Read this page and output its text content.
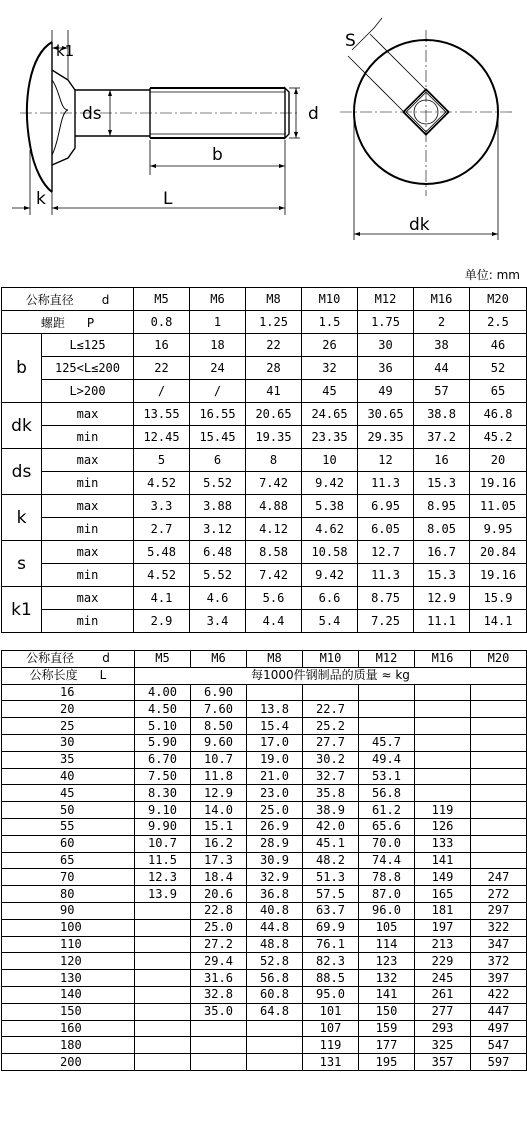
k1
ds	d
b
k	L
S
dk
单位: mm
公称直径 d		M5	M6	M8	M10	M12	M16	M20
螺距 P		0.8	1	1.25	1.5	1.75	2	2.5
b	L≤125	16	18	22	26	30	38	46
	125<L≤200	22	24	28	32	36	44	52
	L>200	/	/	41	45	49	57	65
dk	max	13.55	16.55	20.65	24.65	30.65	38.8	46.8
	min	12.45	15.45	19.35	23.35	29.35	37.2	45.2
ds	max	5	6	8	10	12	16	20
	min	4.52	5.52	7.42	9.42	11.3	15.3	19.16
k	max	3.3	3.88	4.88	5.38	6.95	8.95	11.05
	min	2.7	3.12	4.12	4.62	6.05	8.05	9.95
s	max	5.48	6.48	8.58	10.58	12.7	16.7	20.84
	min	4.52	5.52	7.42	9.42	11.3	15.3	19.16
k1	max	4.1	4.6	5.6	6.6	8.75	12.9	15.9
	min	2.9	3.4	4.4	5.4	7.25	11.1	14.1
公称直径 d	M5	M6	M8	M10	M12	M16	M20
公称长度 L	每1000件钢制品的质量 ≈ kg						
16	4.00	6.90					
20	4.50	7.60	13.8	22.7			
25	5.10	8.50	15.4	25.2			
30	5.90	9.60	17.0	27.7	45.7		
35	6.70	10.7	19.0	30.2	49.4		
40	7.50	11.8	21.0	32.7	53.1		
45	8.30	12.9	23.0	35.8	56.8		
50	9.10	14.0	25.0	38.9	61.2	119	
55	9.90	15.1	26.9	42.0	65.6	126	
60	10.7	16.2	28.9	45.1	70.0	133	
65	11.5	17.3	30.9	48.2	74.4	141	
70	12.3	18.4	32.9	51.3	78.8	149	247
80	13.9	20.6	36.8	57.5	87.0	165	272
90		22.8	40.8	63.7	96.0	181	297
100		25.0	44.8	69.9	105	197	322
110		27.2	48.8	76.1	114	213	347
120		29.4	52.8	82.3	123	229	372
130		31.6	56.8	88.5	132	245	397
140		32.8	60.8	95.0	141	261	422
150		35.0	64.8	101	150	277	447
160				107	159	293	497
180				119	177	325	547
200				131	195	357	597
